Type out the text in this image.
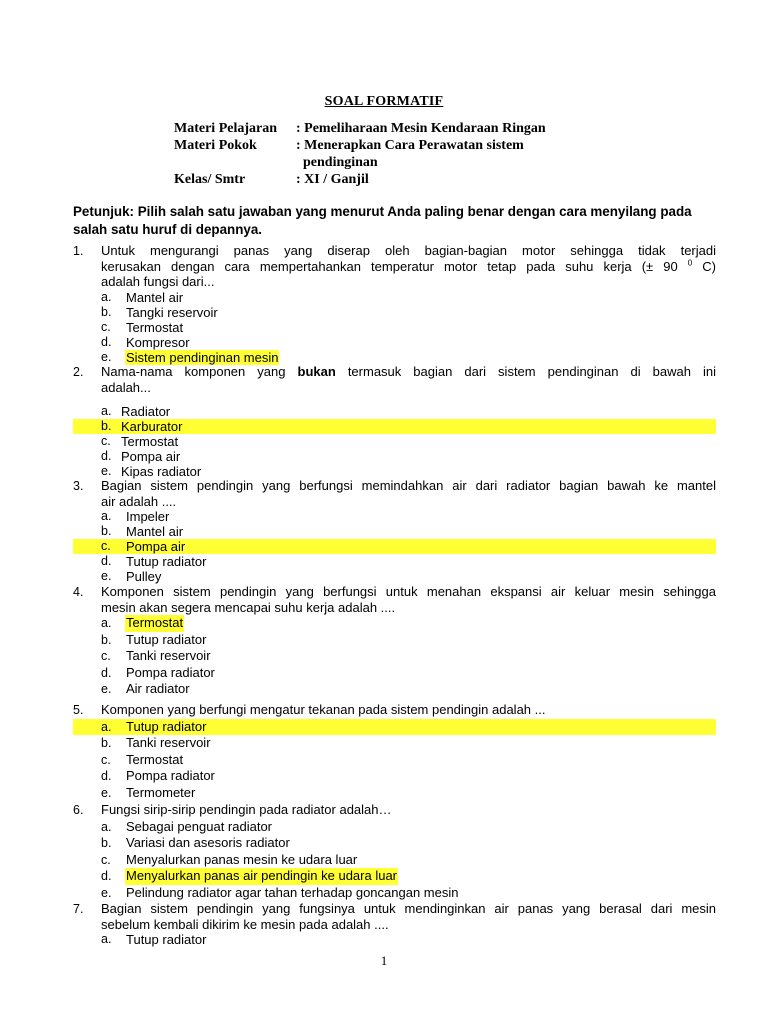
SOAL FORMATIF
Materi Pelajaran	: Pemeliharaan Mesin Kendaraan Ringan
Materi Pokok	: Menerapkan Cara Perawatan sistem
pendinginan
Kelas/ Smtr	: XI / Ganjil
Petunjuk: Pilih salah satu jawaban yang menurut Anda paling benar dengan cara menyilang pada salah satu huruf di depannya.
1.	Untuk mengurangi panas yang diserap oleh bagian-bagian motor sehingga tidak terjadi
kerusakan dengan cara mempertahankan temperatur motor tetap pada suhu kerja (± 90 $^0$ C)
adalah fungsi dari...
a.	Mantel air
b.	Tangki reservoir
c.	Termostat
d.	Kompresor
e.	Sistem pendinginan mesin
2.	Nama-nama komponen yang bukan termasuk bagian dari sistem pendinginan di bawah ini
adalah...
a. Radiator
b. Karburator
c. Termostat
d. Pompa air
e. Kipas radiator
3.	Bagian sistem pendingin yang berfungsi memindahkan air dari radiator bagian bawah ke mantel
air adalah ....
a.	Impeler
b.	Mantel air
c.	Pompa air
d.	Tutup radiator
e.	Pulley
4.	Komponen sistem pendingin yang berfungsi untuk menahan ekspansi air keluar mesin sehingga
mesin akan segera mencapai suhu kerja adalah ....
a.	Termostat
b.	Tutup radiator
c.	Tanki reservoir
d.	Pompa radiator
e.	Air radiator
5.	Komponen yang berfungi mengatur tekanan pada sistem pendingin adalah ...
a.	Tutup radiator
b.	Tanki reservoir
c.	Termostat
d.	Pompa radiator
e.	Termometer
6.	Fungsi sirip-sirip pendingin pada radiator adalah…
a.	Sebagai penguat radiator
b.	Variasi dan asesoris radiator
c.	Menyalurkan panas mesin ke udara luar
d.	Menyalurkan panas air pendingin ke udara luar
e.	Pelindung radiator agar tahan terhadap goncangan mesin
7.	Bagian sistem pendingin yang fungsinya untuk mendinginkan air panas yang berasal dari mesin
sebelum kembali dikirim ke mesin pada adalah ....
a.	Tutup radiator
1
